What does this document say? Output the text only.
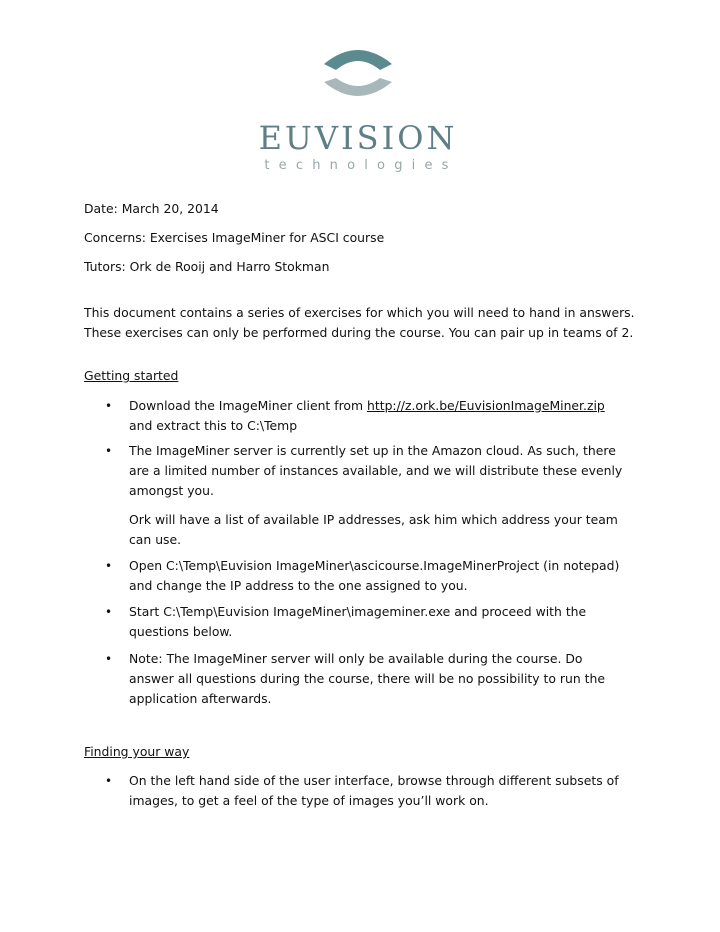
EUVISION
technologies
Date: March 20, 2014
Concerns: Exercises ImageMiner for ASCI course
Tutors: Ork de Rooij and Harro Stokman
This document contains a series of exercises for which you will need to hand in answers. These exercises can only be performed during the course. You can pair up in teams of 2.
Getting started
• Download the ImageMiner client from http://z.ork.be/EuvisionImageMiner.zip and extract this to C:\Temp
• The ImageMiner server is currently set up in the Amazon cloud. As such, there are a limited number of instances available, and we will distribute these evenly amongst you.
Ork will have a list of available IP addresses, ask him which address your team can use.
• Open C:\Temp\Euvision ImageMiner\ascicourse.ImageMinerProject (in notepad) and change the IP address to the one assigned to you.
• Start C:\Temp\Euvision ImageMiner\imageminer.exe and proceed with the questions below.
• Note: The ImageMiner server will only be available during the course. Do answer all questions during the course, there will be no possibility to run the application afterwards.
Finding your way
• On the left hand side of the user interface, browse through different subsets of images, to get a feel of the type of images you’ll work on.
